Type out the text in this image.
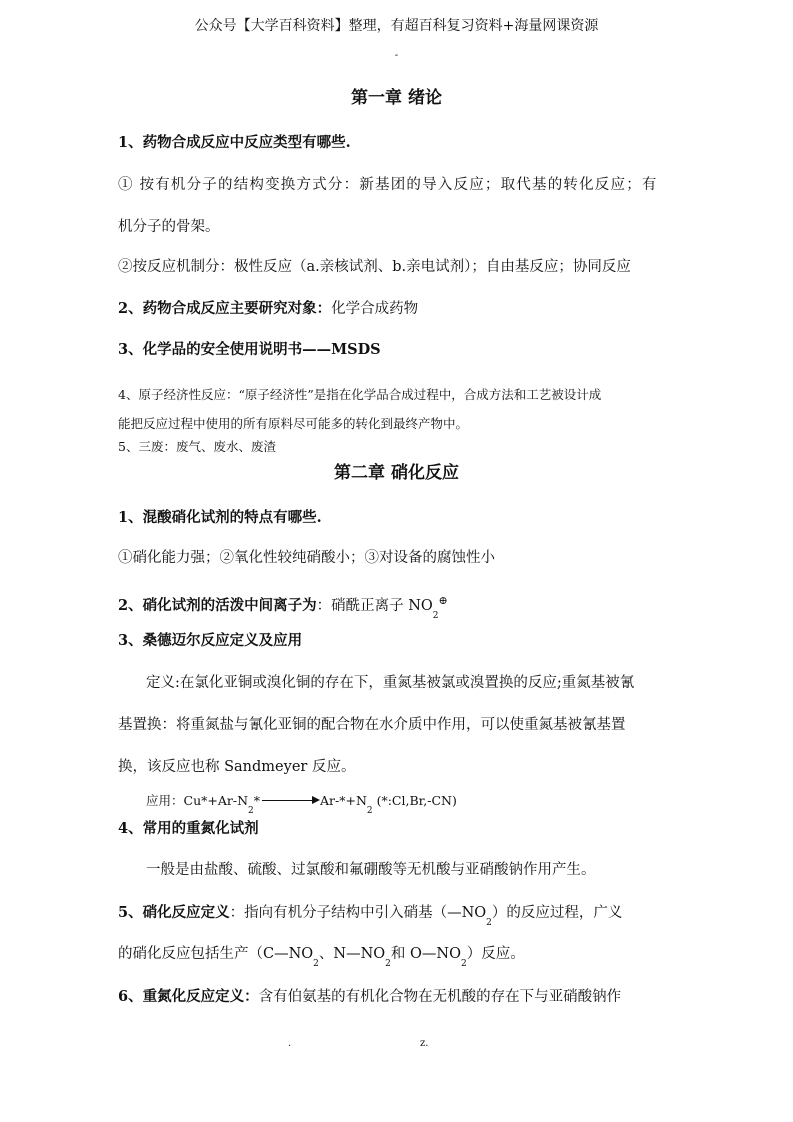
公众号【大学百科资料】整理，有超百科复习资料+海量网课资源
-
第一章 绪论
1、药物合成反应中反应类型有哪些.
① 按有机分子的结构变换方式分：新基团的导入反应；取代基的转化反应；有
机分子的骨架。
②按反应机制分：极性反应（a.亲核试剂、b.亲电试剂）；自由基反应；协同反应
2、药物合成反应主要研究对象：化学合成药物
3、化学品的安全使用说明书——MSDS
4、原子经济性反应：“原子经济性”是指在化学品合成过程中，合成方法和工艺被设计成
能把反应过程中使用的所有原料尽可能多的转化到最终产物中。
5、三废：废气、废水、废渣
第二章 硝化反应
1、混酸硝化试剂的特点有哪些.
①硝化能力强；②氧化性较纯硝酸小；③对设备的腐蚀性小
2、硝化试剂的活泼中间离子为：硝酰正离子 $NO_2^\oplus$
3、桑德迈尔反应定义及应用
定义:在氯化亚铜或溴化铜的存在下，重氮基被氯或溴置换的反应;重氮基被氰
基置换：将重氮盐与氰化亚铜的配合物在水介质中作用，可以使重氮基被氰基置
换，该反应也称 Sandmeyer 反应。
应用：$Cu*+Ar-N_2*$	$Ar-*+N_2$ (*:Cl,Br,-CN)
4、常用的重氮化试剂
一般是由盐酸、硫酸、过氯酸和氟硼酸等无机酸与亚硝酸钠作用产生。
5、硝化反应定义：指向有机分子结构中引入硝基$(—NO_2)$的反应过程，广义
的硝化反应包括生产（$C—NO_2$、$N—NO_2$和 $O—NO_2$）反应。
6、重氮化反应定义：含有伯氨基的有机化合物在无机酸的存在下与亚硝酸钠作
.	z.
